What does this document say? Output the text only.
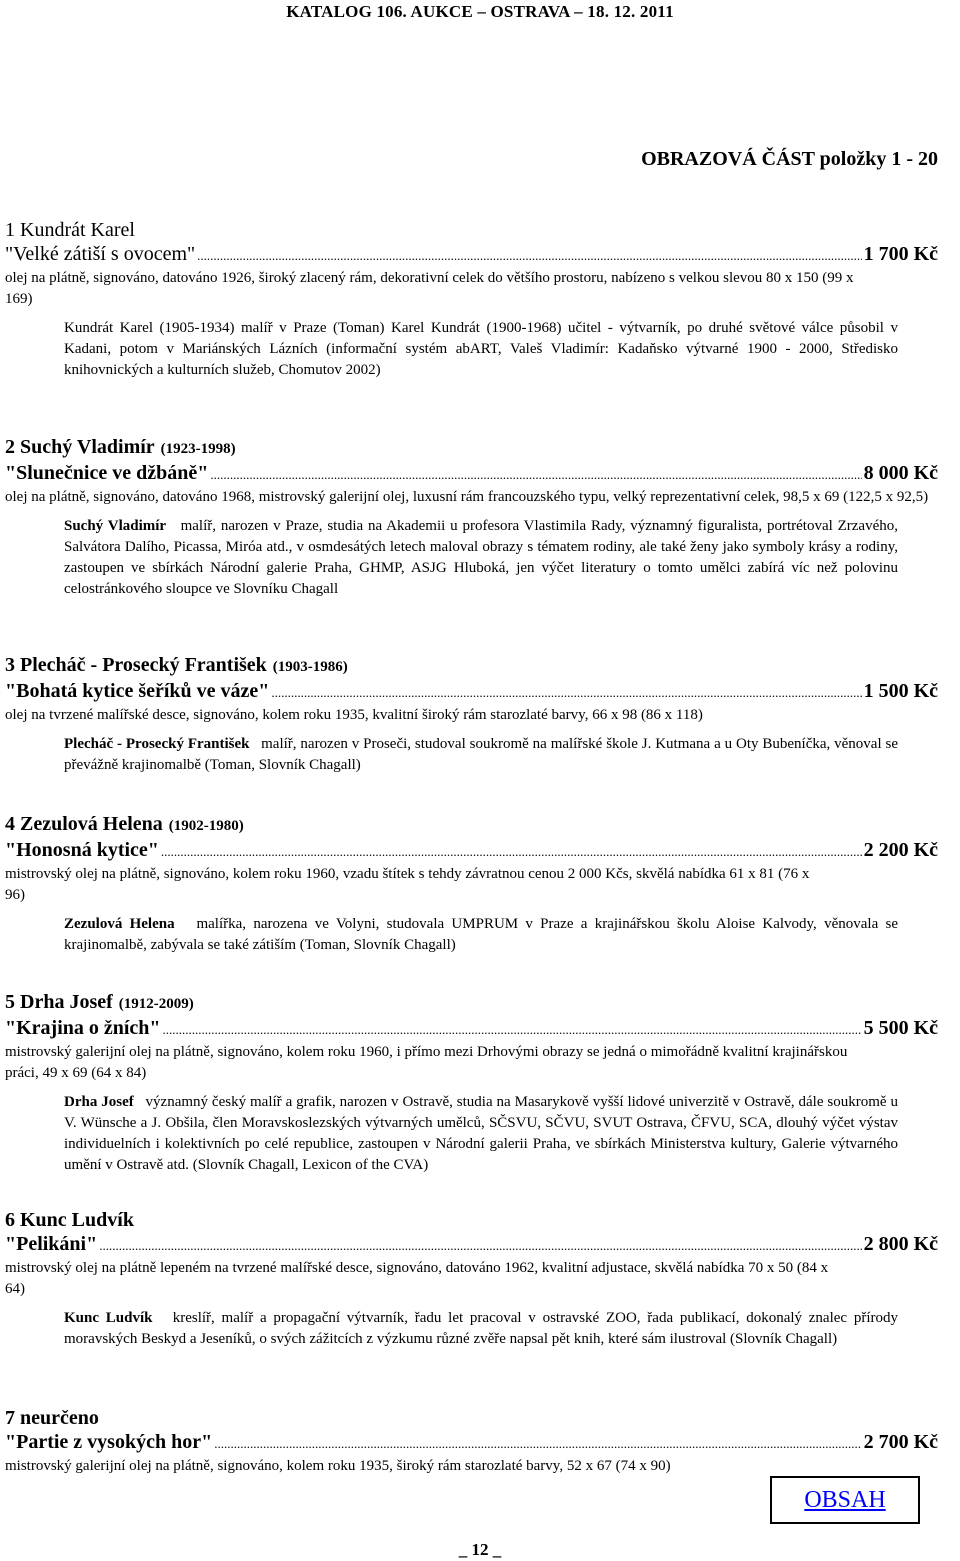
KATALOG 106. AUKCE – OSTRAVA – 18. 12. 2011
OBRAZOVÁ ČÁST položky 1 - 20
1 Kundrát Karel
"Velké zátiší s ovocem" .....	1 700 Kč

olej na plátně, signováno, datováno 1926, široký zlacený rám, dekorativní celek do většího prostoru, nabízeno s velkou slevou 80 x 150 (99 x 169)

Kundrát Karel (1905-1934) malíř v Praze (Toman) Karel Kundrát (1900-1968) učitel - výtvarník, po druhé světové válce působil v Kadani, potom v Mariánských Lázních (informační systém abART, Valeš Vladimír: Kadaňsko výtvarné 1900 - 2000, Středisko knihovnických a kulturních služeb, Chomutov 2002)

2 Suchý Vladimír (1923-1998)
"Slunečnice ve džbáně" .....	8 000 Kč

olej na plátně, signováno, datováno 1968, mistrovský galerijní olej, luxusní rám francouzského typu, velký reprezentativní celek, 98,5 x 69 (122,5 x 92,5)

Suchý Vladimír malíř, narozen v Praze, studia na Akademii u profesora Vlastimila Rady, významný figuralista, portrétoval Zrzavého, Salvátora Dalího, Picassa, Miróa atd., v osmdesátých letech maloval obrazy s tématem rodiny, ale také ženy jako symboly krásy a rodiny, zastoupen ve sbírkách Národní galerie Praha, GHMP, ASJG Hluboká, jen výčet literatury o tomto umělci zabírá víc než polovinu celostránkového sloupce ve Slovníku Chagall

3 Plecháč - Prosecký František (1903-1986)
"Bohatá kytice šeříků ve váze" .....	1 500 Kč

olej na tvrzené malířské desce, signováno, kolem roku 1935, kvalitní široký rám starozlaté barvy, 66 x 98 (86 x 118)

Plecháč - Prosecký František malíř, narozen v Proseči, studoval soukromě na malířské škole J. Kutmana a u Oty Bubeníčka, věnoval se převážně krajinomalbě (Toman, Slovník Chagall)

4 Zezulová Helena (1902-1980)
"Honosná kytice" .....	2 200 Kč

mistrovský olej na plátně, signováno, kolem roku 1960, vzadu štítek s tehdy závratnou cenou 2 000 Kčs, skvělá nabídka 61 x 81 (76 x 96)

Zezulová Helena malířka, narozena ve Volyni, studovala UMPRUM v Praze a krajinářskou školu Aloise Kalvody, věnovala se krajinomalbě, zabývala se také zátiším (Toman, Slovník Chagall)

5 Drha Josef (1912-2009)
"Krajina o žních" .....	5 500 Kč

mistrovský galerijní olej na plátně, signováno, kolem roku 1960, i přímo mezi Drhovými obrazy se jedná o mimořádně kvalitní krajinářskou práci, 49 x 69 (64 x 84)

Drha Josef významný český malíř a grafik, narozen v Ostravě, studia na Masarykově vyšší lidové univerzitě v Ostravě, dále soukromě u V. Wünsche a J. Obšila, člen Moravskoslezských výtvarných umělců, SČSVU, SČVU, SVUT Ostrava, ČFVU, SCA, dlouhý výčet výstav individuelních i kolektivních po celé republice, zastoupen v Národní galerii Praha, ve sbírkách Ministerstva kultury, Galerie výtvarného umění v Ostravě atd. (Slovník Chagall, Lexicon of the CVA)

6 Kunc Ludvík
"Pelikáni" .....	2 800 Kč

mistrovský olej na plátně lepeném na tvrzené malířské desce, signováno, datováno 1962, kvalitní adjustace, skvělá nabídka 70 x 50 (84 x 64)

Kunc Ludvík kreslíř, malíř a propagační výtvarník, řadu let pracoval v ostravské ZOO, řada publikací, dokonalý znalec přírody moravských Beskyd a Jeseníků, o svých zážitcích z výzkumu různé zvěře napsal pět knih, které sám ilustroval (Slovník Chagall)

7 neurčeno
"Partie z vysokých hor" .....	2 700 Kč

mistrovský galerijní olej na plátně, signováno, kolem roku 1935, široký rám starozlaté barvy, 52 x 67 (74 x 90)

OBSAH
_ 12 _
